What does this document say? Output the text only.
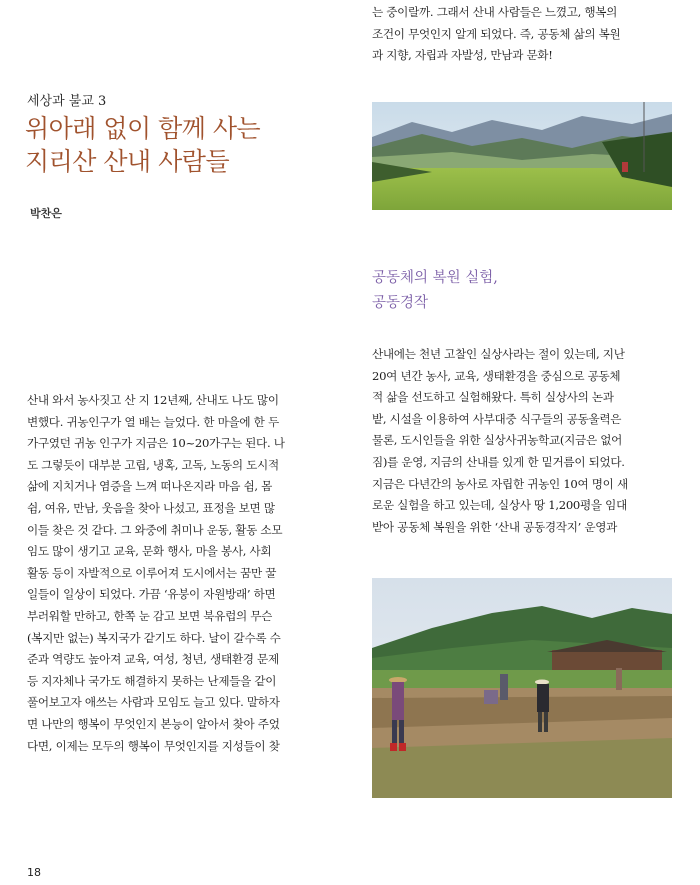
세상과 불교 3
위아래 없이 함께 사는
지리산 산내 사람들
박찬은
는 중이랄까. 그래서 산내 사람들은 느꼈고, 행복의
조건이 무엇인지 알게 되었다. 즉, 공동체 삶의 복원
과 지향, 자립과 자발성, 만남과 문화!
공동체의 복원 실험,
공동경작
산내에는 천년 고찰인 실상사라는 절이 있는데, 지난
20여 년간 농사, 교육, 생태환경을 중심으로 공동체
적 삶을 선도하고 실험해왔다. 특히 실상사의 논과
밭, 시설을 이용하여 사부대중 식구들의 공동울력은
물론, 도시인들을 위한 실상사귀농학교(지금은 없어
짐)를 운영, 지금의 산내를 있게 한 밑거름이 되었다.
지금은 다년간의 농사로 자립한 귀농인 10여 명이 새
로운 실험을 하고 있는데, 실상사 땅 1,200평을 임대
받아 공동체 복원을 위한 ‘산내 공동경작지’ 운영과
산내 와서 농사짓고 산 지 12년째, 산내도 나도 많이
변했다. 귀농인구가 열 배는 늘었다. 한 마을에 한 두
가구였던 귀농 인구가 지금은 10~20가구는 된다. 나
도 그렇듯이 대부분 고립, 냉혹, 고독, 노동의 도시적
삶에 지치거나 염증을 느껴 떠나온지라 마음 쉼, 몸
쉼, 여유, 만남, 웃음을 찾아 나섰고, 표정을 보면 많
이들 찾은 것 같다. 그 와중에 취미나 운동, 활동 소모
임도 많이 생기고 교육, 문화 행사, 마을 봉사, 사회
활동 등이 자발적으로 이루어져 도시에서는 꿈만 꿀
일들이 일상이 되었다. 가끔 ‘유붕이 자원방래’ 하면
부러워할 만하고, 한쪽 눈 감고 보면 북유럽의 무슨
(복지만 없는) 복지국가 같기도 하다. 날이 갈수록 수
준과 역량도 높아져 교육, 여성, 청년, 생태환경 문제
등 지자체나 국가도 해결하지 못하는 난제들을 같이
풀어보고자 애쓰는 사람과 모임도 늘고 있다. 말하자
면 나만의 행복이 무엇인지 본능이 알아서 찾아 주었
다면, 이제는 모두의 행복이 무엇인지를 지성들이 찾
18
